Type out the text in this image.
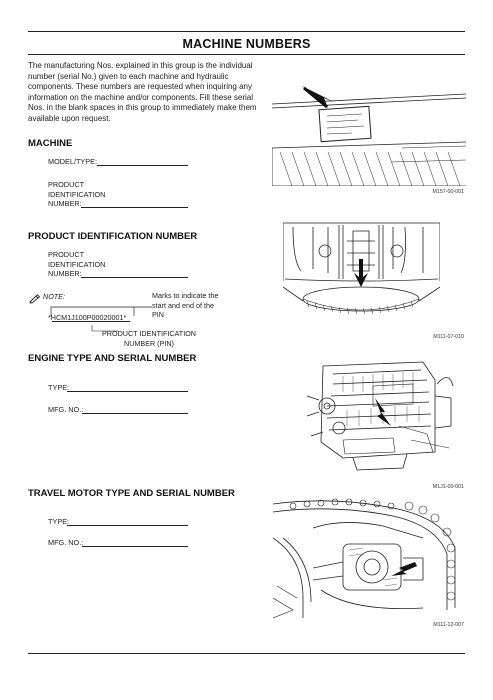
MACHINE NUMBERS
The manufacturing Nos. explained in this group is the individual number (serial No.) given to each machine and hydraulic components. These numbers are requested when inquiring any information on the machine and/or components. Fill these serial Nos. in the blank spaces in this group to immediately make them available upon request.
MACHINE
MODEL/TYPE:
PRODUCT
IDENTIFICATION
NUMBER:
PRODUCT IDENTIFICATION NUMBER
PRODUCT
IDENTIFICATION
NUMBER:
NOTE:
*HCM1J100P00020001*
Marks to indicate the
start and end of the
PIN
PRODUCT IDENTIFICATION
NUMBER (PIN)
ENGINE TYPE AND SERIAL NUMBER
TYPE:
MFG. NO.:
TRAVEL MOTOR TYPE AND SERIAL NUMBER
TYPE:
MFG. NO.:
M157-00-001
M111-07-010
M1J1-00-001
M111-12-007
